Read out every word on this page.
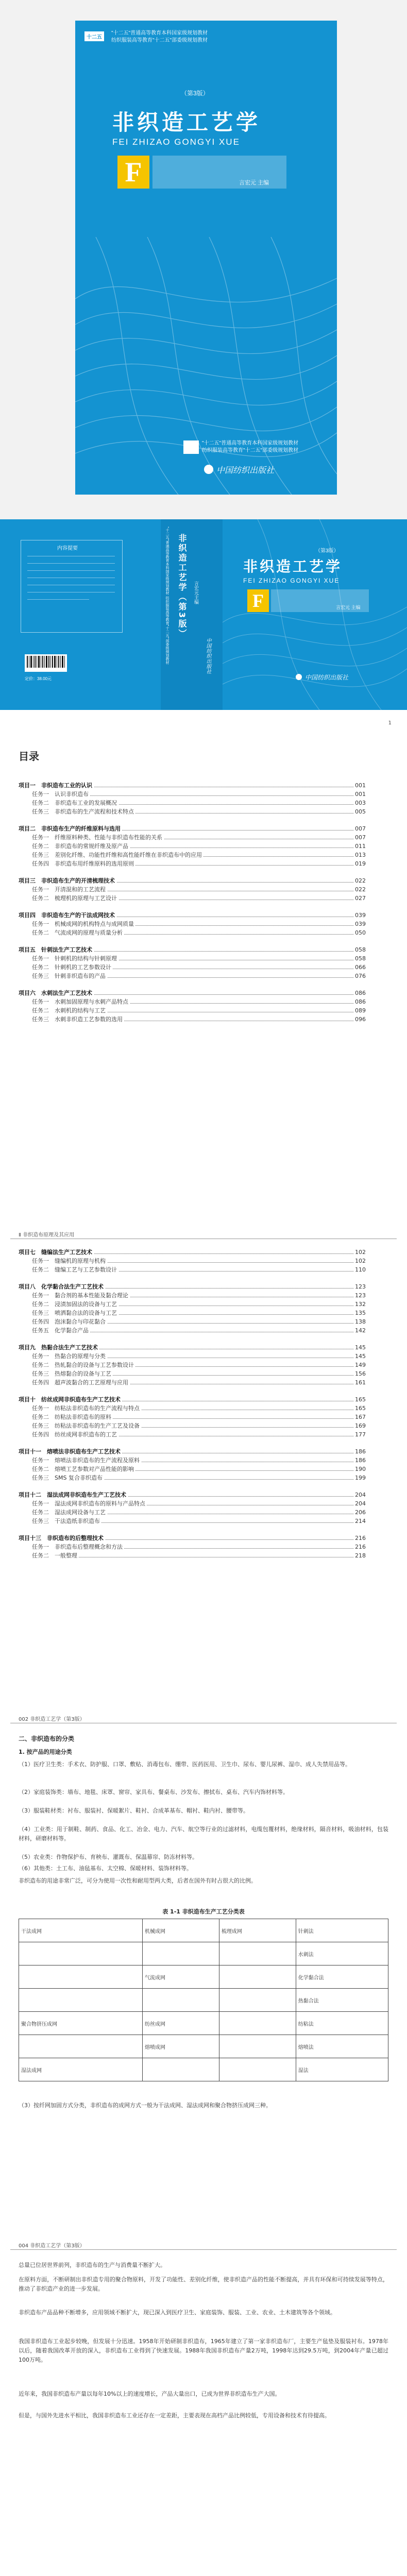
十二五
"十二五"普通高等教育本科国家级规划教材
纺织服装高等教育"十二五"部委级规划教材
（第3版）
非织造工艺学
FEI ZHIZAO GONGYI XUE
F	言宏元 主编
"十二五"普通高等教育本科国家级规划教材
纺织服装高等教育"十二五"部委级规划教材
中国纺织出版社
内容提要
定价：38.00元
"十二五"普通高等教育本科国家级规划教材 纺织服装高等教育"十二五"部委级规划教材 非织造工艺学（第3版） 言宏元主编
中国纺织出版社
（第3版）
非织造工艺学
FEI ZHIZAO GONGYI XUE
F	言宏元 主编
中国纺织出版社
1
目录
项目一　非织造布工业的认识	001
任务一　认识非织造布	001
任务二　非织造布工业的发展概况	003
任务三　非织造布的生产流程和技术特点	005
项目二　非织造布生产的纤维原料与选用	007
任务一　纤维原料种类、性能与非织造布性能的关系	007
任务二　非织造布的常规纤维及原产品	011
任务三　差别化纤维、功能性纤维和高性能纤维在非织造布中的应用	013
任务四　非织造布用纤维原料的选用原则	019
项目三　非织造布生产的开清梳理技术	022
任务一　开清混和的工艺流程	022
任务二　梳理机的原理与工艺设计	027
项目四　非织造布生产的干法成网技术	039
任务一　机械成网的机构特点与成网质量	039
任务二　气流成网的原理与质量分析	050
项目五　针刺法生产工艺技术	058
任务一　针刺机的结构与针刺原理	058
任务二　针刺机的工艺参数设计	066
任务三　针刺非织造布的产品	076
项目六　水刺法生产工艺技术	086
任务一　水刺加固原理与水刺产品特点	086
任务二　水刺机的结构与工艺	089
任务三　水刺非织造工艺参数的选用	096
Ⅱ 非织造布原理及其应用
项目七　缝编法生产工艺技术	102
任务一　缝编机的原理与机构	102
任务二　缝编工艺与工艺参数设计	110
项目八　化学黏合法生产工艺技术	123
任务一　黏合剂的基本性能及黏合理论	123
任务二　浸渍加固法的设备与工艺	132
任务三　喷洒黏合法的设备与工艺	135
任务四　泡沫黏合与印花黏合	138
任务五　化学黏合产品	142
项目九　热黏合法生产工艺技术	145
任务一　热黏合的原理与分类	145
任务二　热轧黏合的设备与工艺参数设计	149
任务三　热熔黏合的设备与工艺	156
任务四　超声波黏合的工艺原理与应用	161
项目十　纺丝成网非织造布生产工艺技术	165
任务一　纺粘法非织造布的生产流程与特点	165
任务二　纺粘法非织造布的原料	167
任务三　纺粘法非织造布的生产工艺及设备	169
任务四　纺丝成网非织造布的工艺	177
项目十一　熔喷法非织造布生产工艺技术	186
任务一　熔喷法非织造布的生产流程及原料	186
任务二　熔喷工艺参数对产品性能的影响	190
任务三　SMS 复合非织造布	199
项目十二　湿法成网非织造布生产工艺技术	204
任务一　湿法成网非织造布的原料与产品特点	204
任务二　湿法成网设备与工艺	206
任务三　干法造纸非织造布	214
项目十三　非织造布的后整理技术	216
任务一　非织造布后整理概念和方法	216
任务二　一般整理	218
002 非织造工艺学（第3版）
二、非织造布的分类
1. 按产品的用途分类
（1）医疗卫生类：手术衣、防护服、口罩、敷贴、消毒包布、绷带、医药医用、卫生巾、尿布、婴儿尿裤、湿巾、成人失禁用品等。
（2）家庭装饰类：墙布、地毯、床罩、窗帘、家具布、餐桌布、沙发布、擦拭布、桌布、汽车内饰材料等。
（3）服装鞋材类：衬布、服装衬、保暖絮片、鞋衬、合成革基布、帽衬、鞋内衬、腰带等。
（4）工业类：用于制鞋、制药、食品、化工、冶金、电力、汽车、航空等行业的过滤材料，电缆包覆材料，绝缘材料，隔音材料，吸油材料，包装材料，研磨材料等。
（5）农业类：作物保护布、育秧布、灌溉布、保温幕帘、防冻材料等。
（6）其他类：土工布、油毡基布、太空棉、保暖材料、装饰材料等。
非织造布的用途非常广泛，可分为使用一次性和耐用型两大类，后者在国外有时占很大的比例。
表 1-1 非织造布生产工艺分类表
干法成网	机械成网	梳理成网	针刺法
			水刺法
	气流成网		化学黏合法
			热黏合法
聚合物挤压成网	纺丝成网		纺粘法
	熔喷成网		熔喷法
湿法成网			湿法
（3）按纤网加固方式分类，非织造布的成网方式一般为干法成网、湿法成网和聚合物挤压成网三种。
004 非织造工艺学（第3版）
总量已位居世界前列，非织造布的生产与消费量不断扩大。
在原料方面，不断研制出非织造专用的聚合物原料，开发了功能性、差别化纤维，使非织造产品的性能不断提高，并具有环保和可持续发展等特点，推动了非织造产业的进一步发展。
非织造布产品品种不断增多，应用领域不断扩大，现已深入到医疗卫生、家庭装饰、服装、工业、农业、土木建筑等各个领域。
我国非织造布工业起步较晚，但发展十分迅速。1958年开始研制非织造布，1965年建立了第一家非织造布厂，主要生产毡垫及服装衬布。1978年以后，随着我国改革开放的深入，非织造布工业得到了快速发展。1988年我国非织造布产量2万吨，1998年达到29.5万吨，到2004年产量已超过100万吨。
近年来，我国非织造布产量以每年10%以上的速度增长，产品大量出口，已成为世界非织造布生产大国。
但是，与国外先进水平相比，我国非织造布工业还存在一定差距，主要表现在高档产品比例较低，专用设备和技术有待提高。
